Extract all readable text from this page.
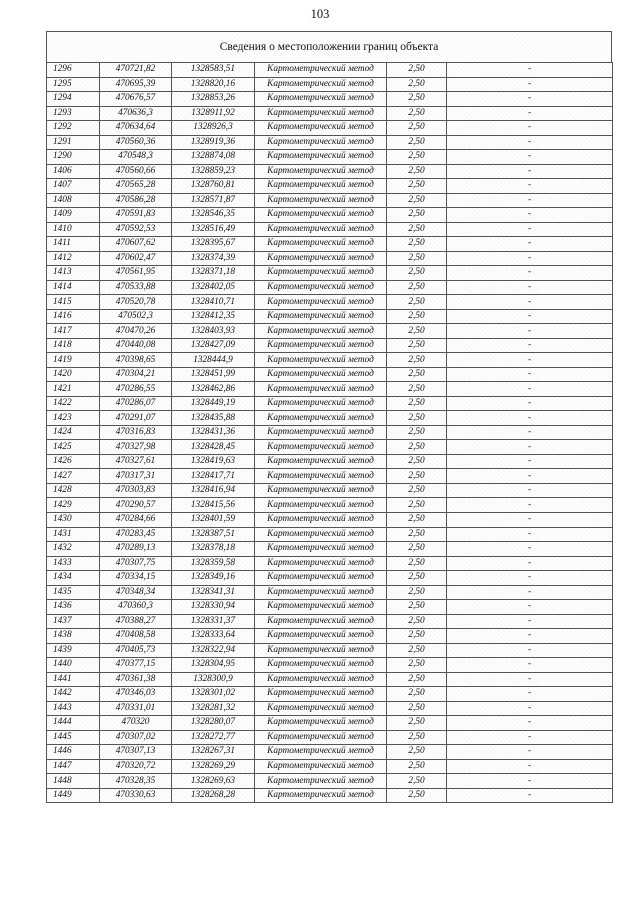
103
Сведения о местоположении границ объекта
1296	470721,82	1328583,51	Картометрический метод	2,50	-
1295	470695,39	1328820,16	Картометрический метод	2,50	-
1294	470676,57	1328853,26	Картометрический метод	2,50	-
1293	470636,3	1328911,92	Картометрический метод	2,50	-
1292	470634,64	1328926,3	Картометрический метод	2,50	-
1291	470560,36	1328919,36	Картометрический метод	2,50	-
1290	470548,3	1328874,08	Картометрический метод	2,50	-
1406	470560,66	1328859,23	Картометрический метод	2,50	-
1407	470565,28	1328760,81	Картометрический метод	2,50	-
1408	470586,28	1328571,87	Картометрический метод	2,50	-
1409	470591,83	1328546,35	Картометрический метод	2,50	-
1410	470592,53	1328516,49	Картометрический метод	2,50	-
1411	470607,62	1328395,67	Картометрический метод	2,50	-
1412	470602,47	1328374,39	Картометрический метод	2,50	-
1413	470561,95	1328371,18	Картометрический метод	2,50	-
1414	470533,88	1328402,05	Картометрический метод	2,50	-
1415	470520,78	1328410,71	Картометрический метод	2,50	-
1416	470502,3	1328412,35	Картометрический метод	2,50	-
1417	470470,26	1328403,93	Картометрический метод	2,50	-
1418	470440,08	1328427,09	Картометрический метод	2,50	-
1419	470398,65	1328444,9	Картометрический метод	2,50	-
1420	470304,21	1328451,99	Картометрический метод	2,50	-
1421	470286,55	1328462,86	Картометрический метод	2,50	-
1422	470286,07	1328449,19	Картометрический метод	2,50	-
1423	470291,07	1328435,88	Картометрический метод	2,50	-
1424	470316,83	1328431,36	Картометрический метод	2,50	-
1425	470327,98	1328428,45	Картометрический метод	2,50	-
1426	470327,61	1328419,63	Картометрический метод	2,50	-
1427	470317,31	1328417,71	Картометрический метод	2,50	-
1428	470303,83	1328416,94	Картометрический метод	2,50	-
1429	470290,57	1328415,56	Картометрический метод	2,50	-
1430	470284,66	1328401,59	Картометрический метод	2,50	-
1431	470283,45	1328387,51	Картометрический метод	2,50	-
1432	470289,13	1328378,18	Картометрический метод	2,50	-
1433	470307,75	1328359,58	Картометрический метод	2,50	-
1434	470334,15	1328349,16	Картометрический метод	2,50	-
1435	470348,34	1328341,31	Картометрический метод	2,50	-
1436	470360,3	1328330,94	Картометрический метод	2,50	-
1437	470388,27	1328331,37	Картометрический метод	2,50	-
1438	470408,58	1328333,64	Картометрический метод	2,50	-
1439	470405,73	1328322,94	Картометрический метод	2,50	-
1440	470377,15	1328304,95	Картометрический метод	2,50	-
1441	470361,38	1328300,9	Картометрический метод	2,50	-
1442	470346,03	1328301,02	Картометрический метод	2,50	-
1443	470331,01	1328281,32	Картометрический метод	2,50	-
1444	470320	1328280,07	Картометрический метод	2,50	-
1445	470307,02	1328272,77	Картометрический метод	2,50	-
1446	470307,13	1328267,31	Картометрический метод	2,50	-
1447	470320,72	1328269,29	Картометрический метод	2,50	-
1448	470328,35	1328269,63	Картометрический метод	2,50	-
1449	470330,63	1328268,28	Картометрический метод	2,50	-
